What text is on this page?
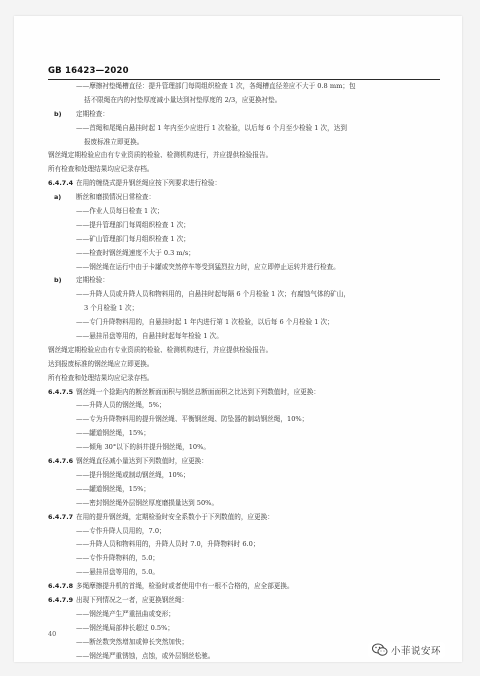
GB 16423—2020
——摩擦衬垫绳槽直径：提升管理部门每周组织检查 1 次，各绳槽直径差应不大于 0.8 mm；包
括不限绳在内的衬垫厚度减小量达到衬垫厚度的 2/3，应更换衬垫。
b) 定期检查：
——首绳和尾绳自悬挂时起 1 年内至少应进行 1 次检验，以后每 6 个月至少检验 1 次，达到
报废标准立即更换。
钢丝绳定期检验应由有专业资质的检验、检测机构进行，并应提供检验报告。
所有检查和处理结果均应记录存档。
6.4.7.4 在用的缠绕式提升钢丝绳应按下列要求进行检验：
a) 断丝和磨损情况日常检查：
——作业人员每日检查 1 次；
——提升管理部门每周组织检查 1 次；
——矿山管理部门每月组织检查 1 次；
——检查时钢丝绳速度不大于 0.3 m/s；
——钢丝绳在运行中由于卡罐或突然停车等受到猛烈拉力时，应立即停止运转并进行检查。
b) 定期检验：
——升降人员或升降人员和物料用的，自悬挂时起每隔 6 个月检验 1 次；有腐蚀气体的矿山，
3 个月检验 1 次；
——专门升降物料用的，自悬挂时起 1 年内进行第 1 次检验，以后每 6 个月检验 1 次；
——悬挂吊盘等用的，自悬挂时起每年检验 1 次。
钢丝绳定期检验应由有专业资质的检验、检测机构进行，并应提供检验报告。
达到报废标准的钢丝绳应立即更换。
所有检查和处理结果均应记录存档。
6.4.7.5 钢丝绳一个捻距内的断丝断面面积与钢丝总断面面积之比达到下列数值时，应更换：
——升降人员的钢丝绳，5%；
——专为升降物料用的提升钢丝绳、平衡钢丝绳、防坠器的制动钢丝绳，10%；
——罐道钢丝绳，15%；
——倾角 30°以下的斜井提升钢丝绳，10%。
6.4.7.6 钢丝绳直径减小量达到下列数值时，应更换：
——提升钢丝绳或制动钢丝绳，10%；
——罐道钢丝绳，15%；
——密封钢丝绳外层钢丝厚度磨损量达到 50%。
6.4.7.7 在用的提升钢丝绳，定期检验时安全系数小于下列数值的，应更换：
——专作升降人员用的，7.0；
——升降人员和物料用的，升降人员时 7.0，升降物料时 6.0；
——专作升降物料的，5.0；
——悬挂吊盘等用的，5.0。
6.4.7.8 多绳摩擦提升机的首绳，检验时或者使用中有一根不合格的，应全部更换。
6.4.7.9 出现下列情况之一者，应更换钢丝绳：
——钢丝绳产生严重扭曲或变形；
——钢丝绳局部伸长超过 0.5%；
——断丝数突然增加或伸长突然加快；
——钢丝绳严重锈蚀，点蚀，或外层钢丝松驰。
40
小菲说安环
